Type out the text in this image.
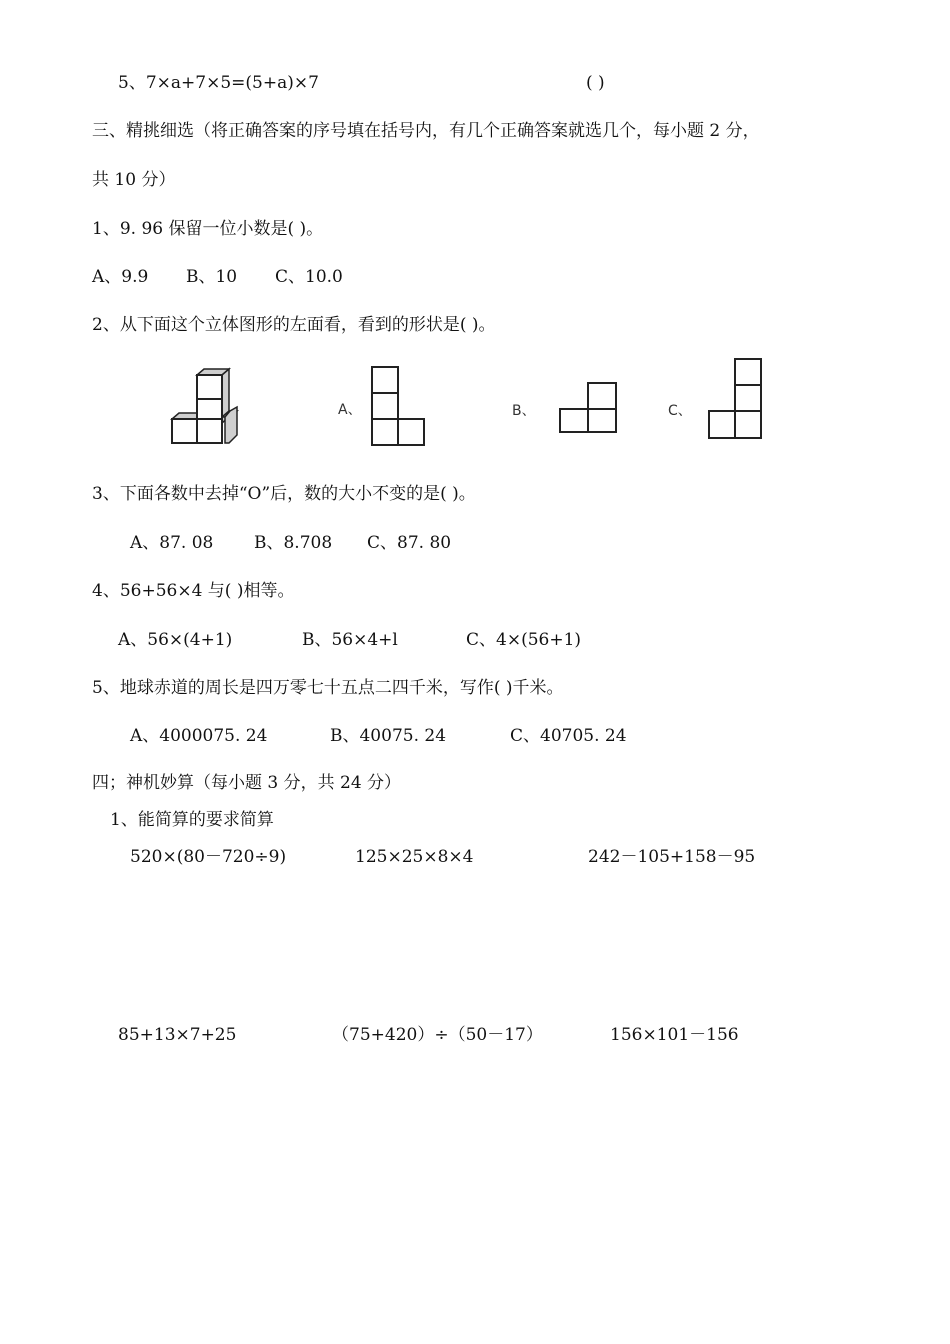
5、7×a+7×5=(5+a)×7	( )
三、精挑细选（将正确答案的序号填在括号内，有几个正确答案就选几个，每小题 2 分，
共 10 分）
1、9. 96 保留一位小数是( )。
A、9.9 B、10 C、10.0
2、从下面这个立体图形的左面看，看到的形状是( )。
A、	B、	C、
3、下面各数中去掉“O”后，数的大小不变的是( )。
A、87. 08 B、8.708 C、87. 80
4、56+56×4 与( )相等。
A、56×(4+1)	B、56×4+l	C、4×(56+1)
5、地球赤道的周长是四万零七十五点二四千米，写作( )千米。
A、4000075. 24	B、40075. 24	C、40705. 24
四；神机妙算（每小题 3 分，共 24 分）
1、能简算的要求简算
520×(80－720÷9)	125×25×8×4	242－105+158－95
85+13×7+25	（75+420）÷（50－17）	156×101－156
